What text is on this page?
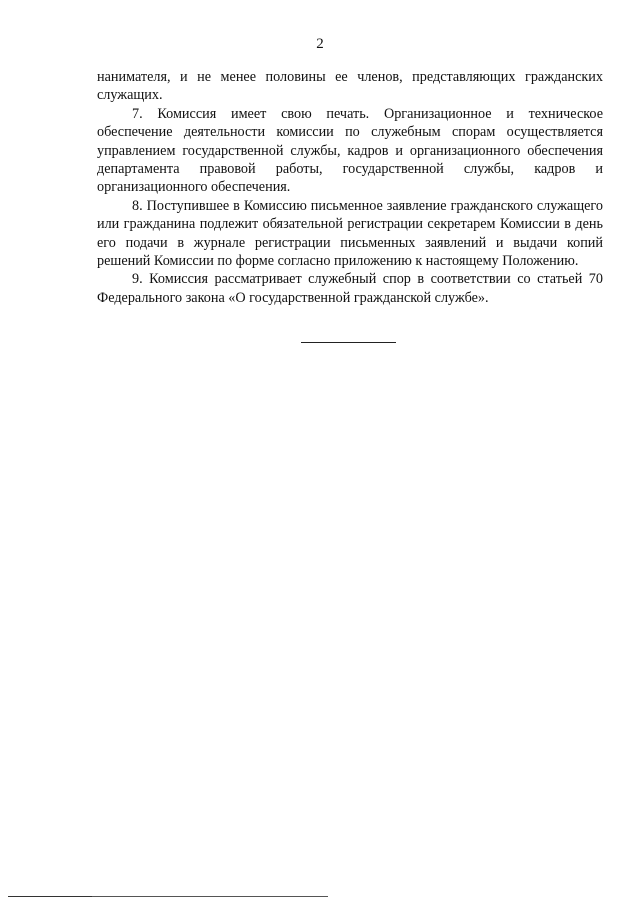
2

нанимателя, и не менее половины ее членов, представляющих гражданских служащих.

7. Комиссия имеет свою печать. Организационное и техническое обеспечение деятельности комиссии по служебным спорам осуществляется управлением государственной службы, кадров и организационного обеспечения департамента правовой работы, государственной службы, кадров и организационного обеспечения.

8. Поступившее в Комиссию письменное заявление гражданского служащего или гражданина подлежит обязательной регистрации секретарем Комиссии в день его подачи в журнале регистрации письменных заявлений и выдачи копий решений Комиссии по форме согласно приложению к настоящему Положению.

9. Комиссия рассматривает служебный спор в соответствии со статьей 70 Федерального закона «О государственной гражданской службе».
